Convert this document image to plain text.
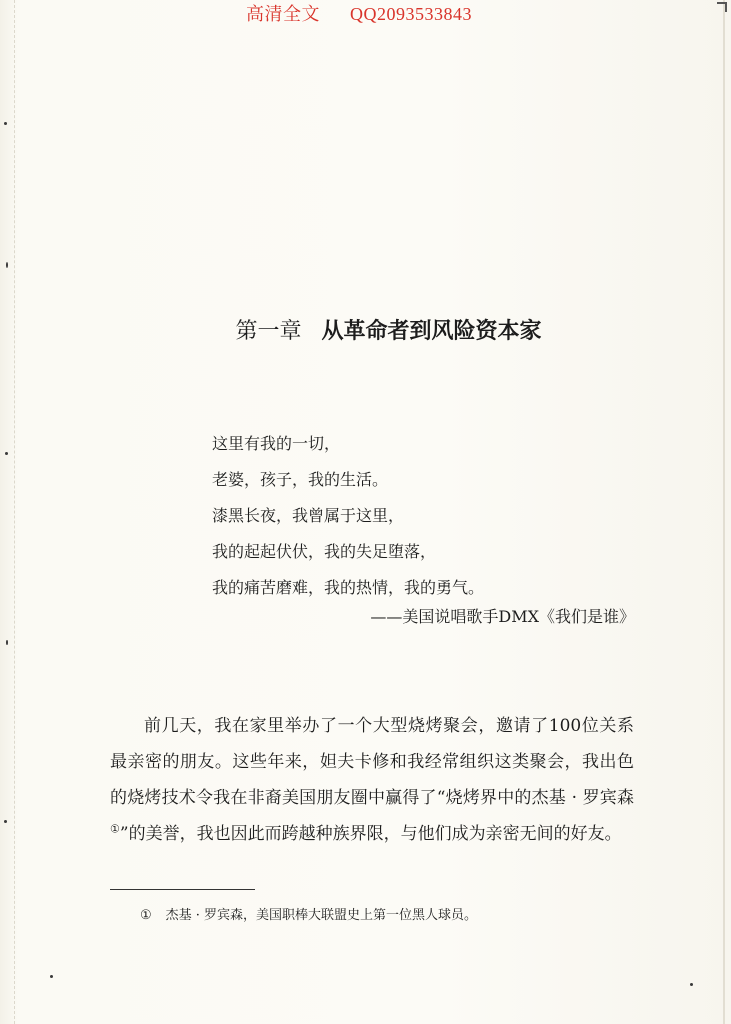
高清全文 QQ2093533843
第一章 从革命者到风险资本家
这里有我的一切，
老婆，孩子，我的生活。
漆黑长夜，我曾属于这里，
我的起起伏伏，我的失足堕落，
我的痛苦磨难，我的热情，我的勇气。
——美国说唱歌手DMX《我们是谁》
前几天，我在家里举办了一个大型烧烤聚会，邀请了100位关系最亲密的朋友。这些年来，妲夫卡修和我经常组织这类聚会，我出色的烧烤技术令我在非裔美国朋友圈中赢得了“烧烤界中的杰基 · 罗宾森①”的美誉，我也因此而跨越种族界限，与他们成为亲密无间的好友。
① 杰基 · 罗宾森，美国职棒大联盟史上第一位黑人球员。
